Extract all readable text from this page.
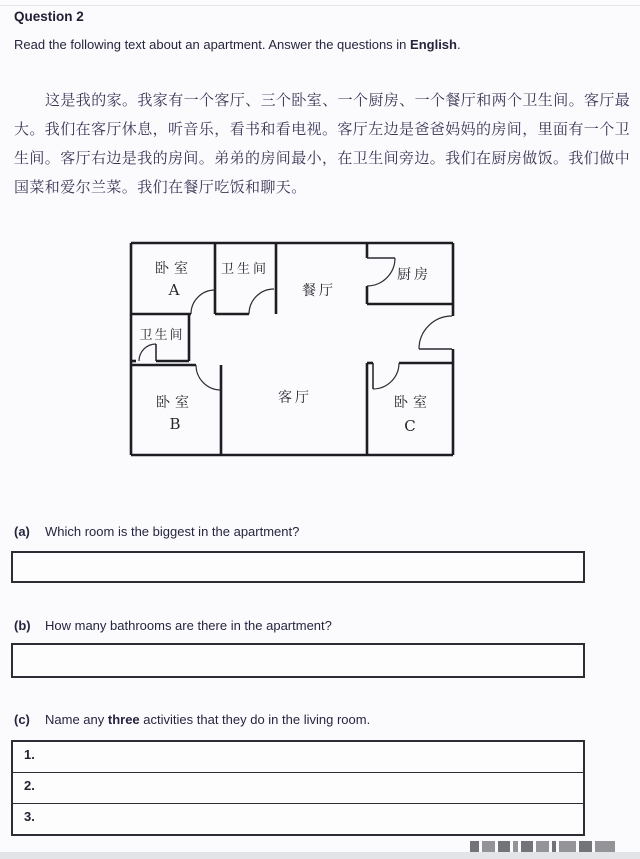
Question 2
Read the following text about an apartment. Answer the questions in English.
这是我的家。我家有一个客厅、三个卧室、一个厨房、一个餐厅和两个卫生间。客厅最
大。我们在客厅休息，听音乐，看书和看电视。客厅左边是爸爸妈妈的房间，里面有一个卫
生间。客厅右边是我的房间。弟弟的房间最小，在卫生间旁边。我们在厨房做饭。我们做中
国菜和爱尔兰菜。我们在餐厅吃饭和聊天。
卧室
A
卫生间
餐厅
厨房
卫生间
卧室
B
客厅	卧室
C
(a)	Which room is the biggest in the apartment?
(b)	How many bathrooms are there in the apartment?
(c)	Name any three activities that they do in the living room.
1.
2.
3.
